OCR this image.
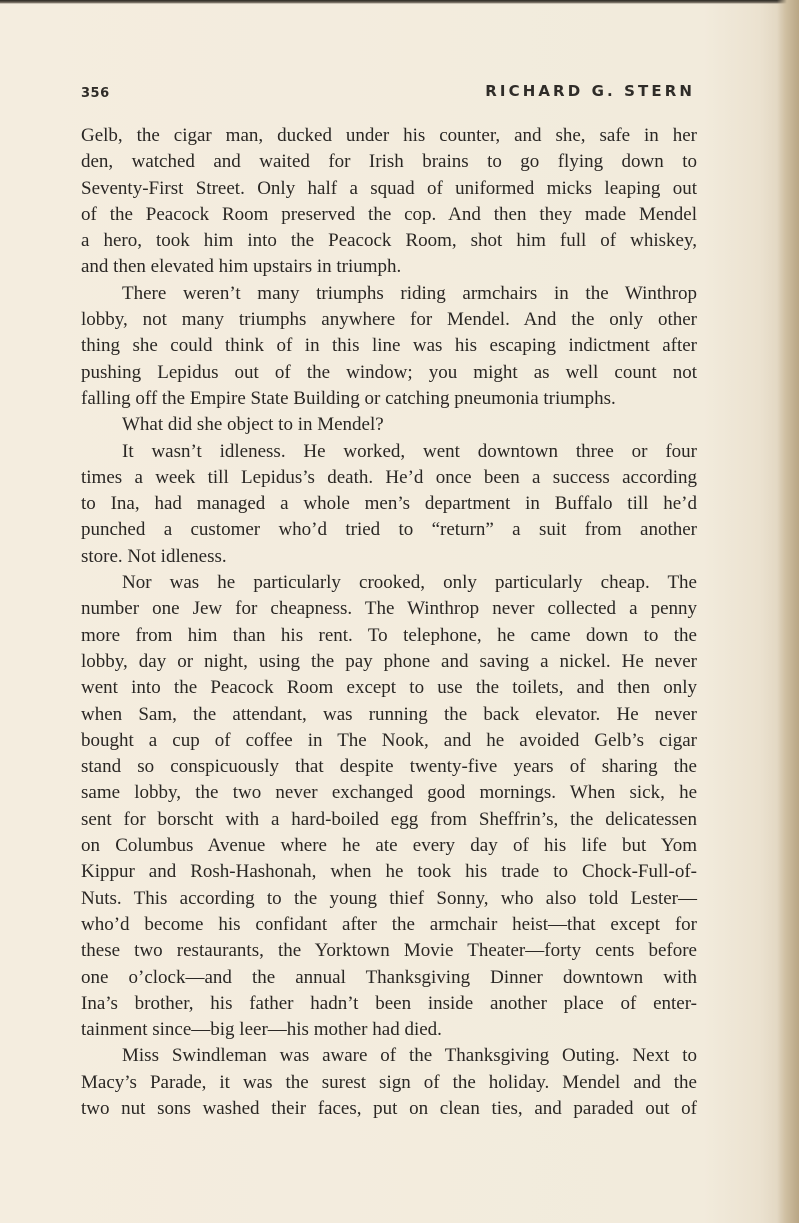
356	RICHARD G. STERN

Gelb, the cigar man, ducked under his counter, and she, safe in her

den, watched and waited for Irish brains to go flying down to

Seventy-First Street. Only half a squad of uniformed micks leaping out

of the Peacock Room preserved the cop. And then they made Mendel

a hero, took him into the Peacock Room, shot him full of whiskey,

and then elevated him upstairs in triumph.

There weren’t many triumphs riding armchairs in the Winthrop

lobby, not many triumphs anywhere for Mendel. And the only other

thing she could think of in this line was his escaping indictment after

pushing Lepidus out of the window; you might as well count not

falling off the Empire State Building or catching pneumonia triumphs.

What did she object to in Mendel?

It wasn’t idleness. He worked, went downtown three or four

times a week till Lepidus’s death. He’d once been a success according

to Ina, had managed a whole men’s department in Buffalo till he’d

punched a customer who’d tried to “return” a suit from another

store. Not idleness.

Nor was he particularly crooked, only particularly cheap. The

number one Jew for cheapness. The Winthrop never collected a penny

more from him than his rent. To telephone, he came down to the

lobby, day or night, using the pay phone and saving a nickel. He never

went into the Peacock Room except to use the toilets, and then only

when Sam, the attendant, was running the back elevator. He never

bought a cup of coffee in The Nook, and he avoided Gelb’s cigar

stand so conspicuously that despite twenty-five years of sharing the

same lobby, the two never exchanged good mornings. When sick, he

sent for borscht with a hard-boiled egg from Sheffrin’s, the delicatessen

on Columbus Avenue where he ate every day of his life but Yom

Kippur and Rosh-Hashonah, when he took his trade to Chock-Full-of-

Nuts. This according to the young thief Sonny, who also told Lester—

who’d become his confidant after the armchair heist—that except for

these two restaurants, the Yorktown Movie Theater—forty cents before

one o’clock—and the annual Thanksgiving Dinner downtown with

Ina’s brother, his father hadn’t been inside another place of enter-

tainment since—big leer—his mother had died.

Miss Swindleman was aware of the Thanksgiving Outing. Next to

Macy’s Parade, it was the surest sign of the holiday. Mendel and the

two nut sons washed their faces, put on clean ties, and paraded out of
